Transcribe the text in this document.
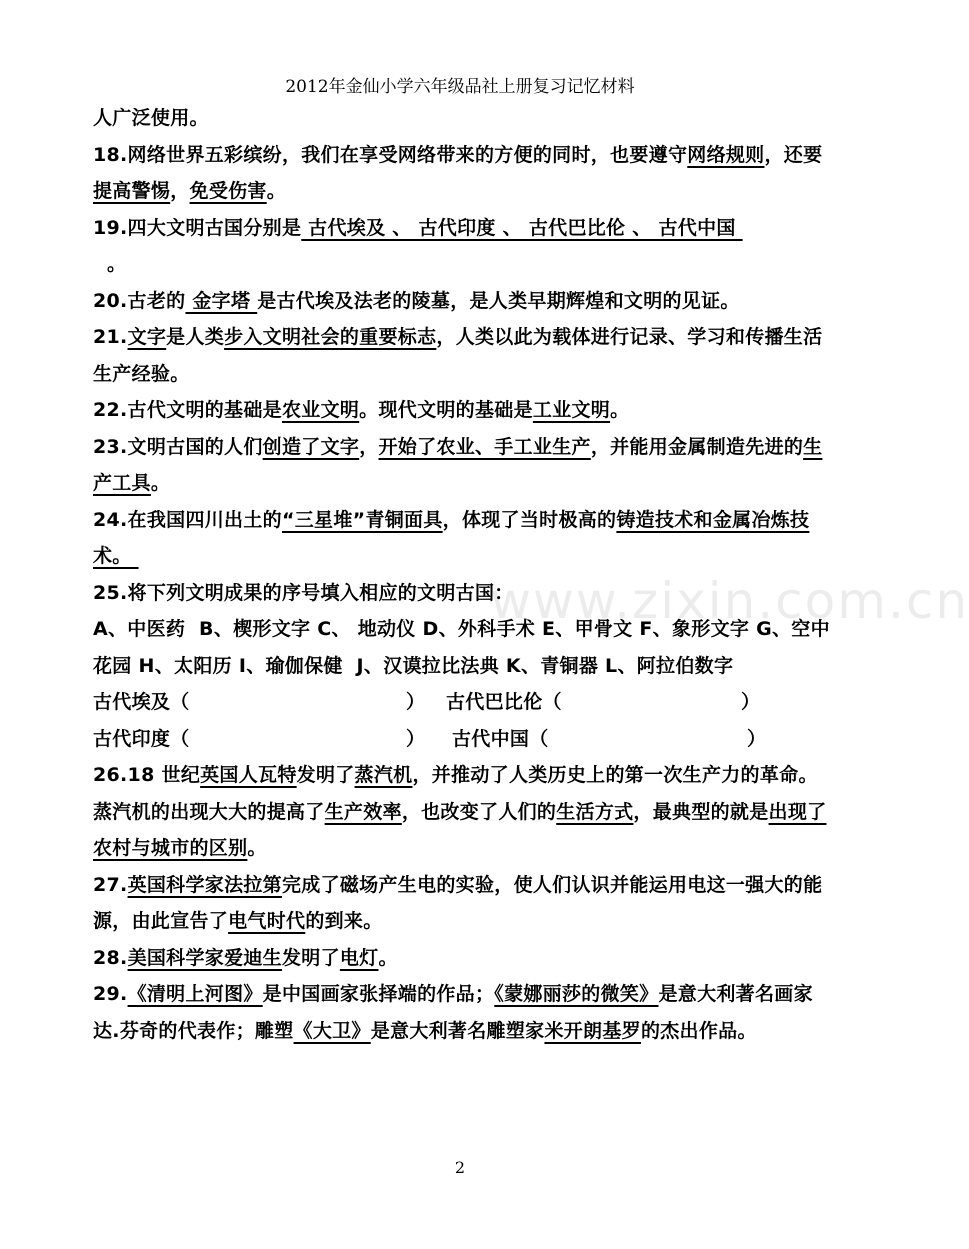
2012年金仙小学六年级品社上册复习记忆材料
www.zixin.com.cn

人广泛使用。

18.网络世界五彩缤纷，我们在享受网络带来的方便的同时，也要遵守网络规则，还要提高警惕，免受伤害。

19.四大文明古国分别是 古代埃及 、 古代印度 、 古代巴比伦 、 古代中国
。

20.古老的 金字塔 是古代埃及法老的陵墓，是人类早期辉煌和文明的见证。

21.文字是人类步入文明社会的重要标志，人类以此为载体进行记录、学习和传播生活生产经验。

22.古代文明的基础是农业文明。现代文明的基础是工业文明。

23.文明古国的人们创造了文字，开始了农业、手工业生产，并能用金属制造先进的生产工具。

24.在我国四川出土的“三星堆”青铜面具，体现了当时极高的铸造技术和金属冶炼技术。

25.将下列文明成果的序号填入相应的文明古国：

A、中医药  B、楔形文字 C、 地动仪 D、外科手术 E、甲骨文 F、象形文字 G、空中花园 H、太阳历 I、瑜伽保健  J、汉谟拉比法典 K、青铜器 L、阿拉伯数字

古代埃及（	）	古代巴比伦（	）

古代印度（	）	古代中国（	）

26.18 世纪英国人瓦特发明了蒸汽机，并推动了人类历史上的第一次生产力的革命。蒸汽机的出现大大的提高了生产效率，也改变了人们的生活方式，最典型的就是出现了农村与城市的区别。

27.英国科学家法拉第完成了磁场产生电的实验，使人们认识并能运用电这一强大的能源，由此宣告了电气时代的到来。

28.美国科学家爱迪生发明了电灯。

29.《清明上河图》是中国画家张择端的作品；《蒙娜丽莎的微笑》是意大利著名画家达.芬奇的代表作；雕塑《大卫》是意大利著名雕塑家米开朗基罗的杰出作品。

2
